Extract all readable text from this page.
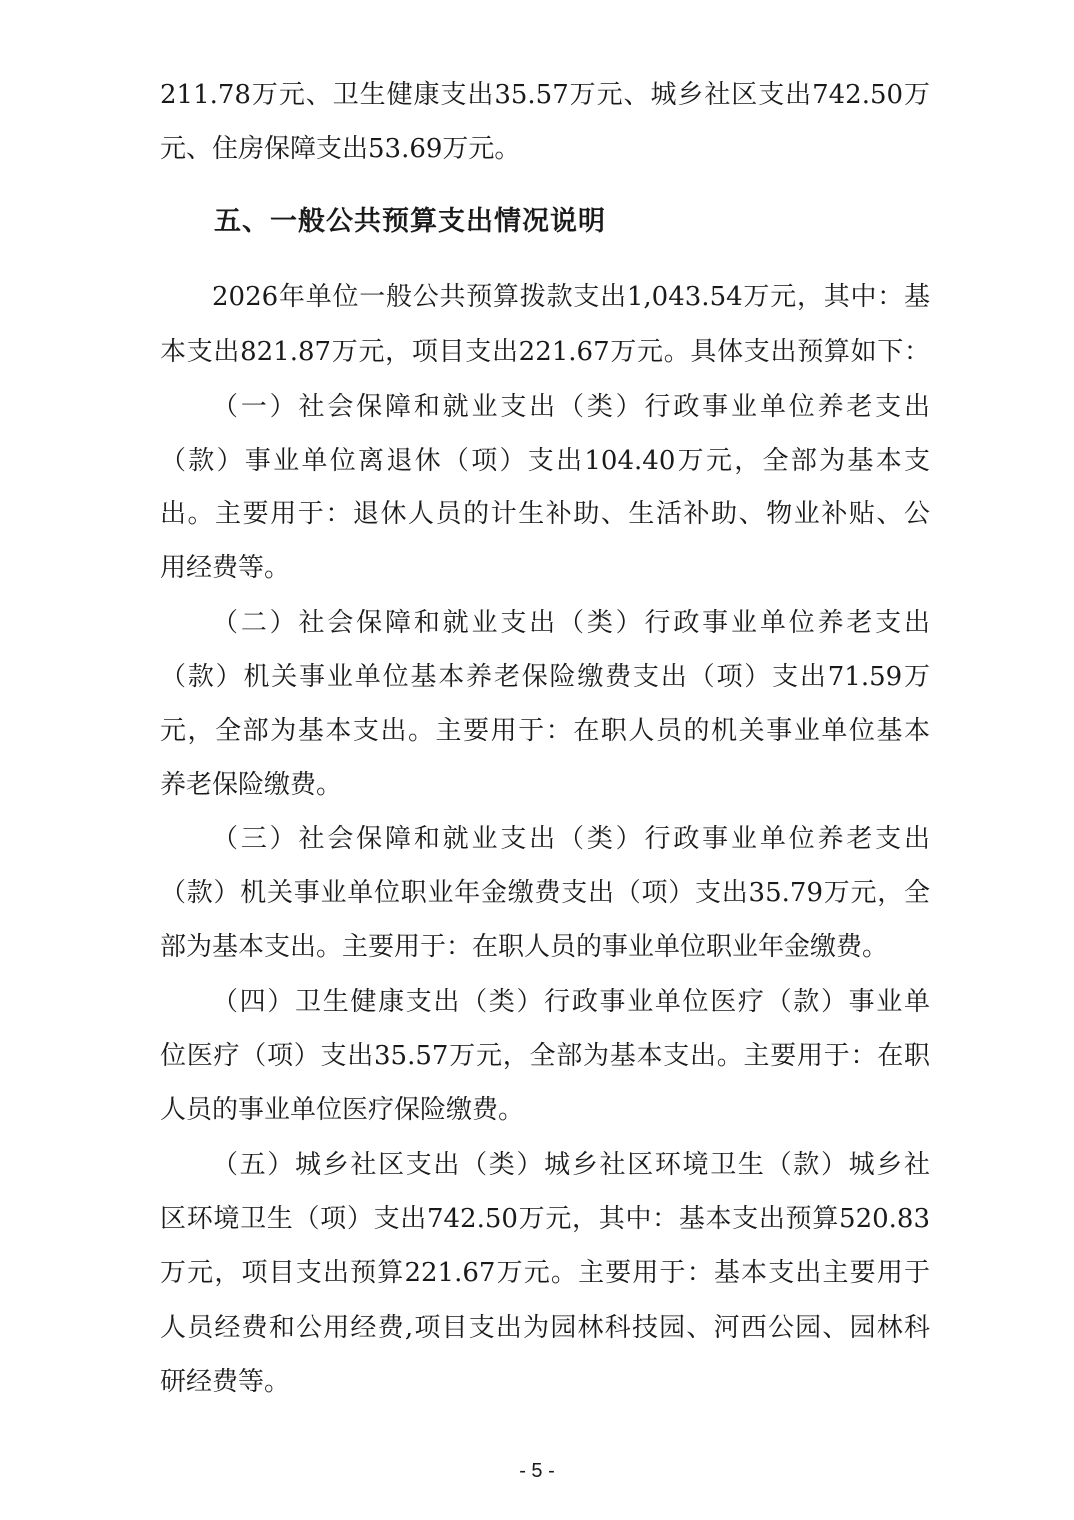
211.78万元、卫生健康支出35.57万元、城乡社区支出742.50万
元、住房保障支出53.69万元。
五、一般公共预算支出情况说明
2026年单位一般公共预算拨款支出1,043.54万元，其中：基
本支出821.87万元，项目支出221.67万元。具体支出预算如下：
（一）社会保障和就业支出（类）行政事业单位养老支出
（款）事业单位离退休（项）支出104.40万元，全部为基本支
出。主要用于：退休人员的计生补助、生活补助、物业补贴、公
用经费等。
（二）社会保障和就业支出（类）行政事业单位养老支出
（款）机关事业单位基本养老保险缴费支出（项）支出71.59万
元，全部为基本支出。主要用于：在职人员的机关事业单位基本
养老保险缴费。
（三）社会保障和就业支出（类）行政事业单位养老支出
（款）机关事业单位职业年金缴费支出（项）支出35.79万元，全
部为基本支出。主要用于：在职人员的事业单位职业年金缴费。
（四）卫生健康支出（类）行政事业单位医疗（款）事业单
位医疗（项）支出35.57万元，全部为基本支出。主要用于：在职
人员的事业单位医疗保险缴费。
（五）城乡社区支出（类）城乡社区环境卫生（款）城乡社
区环境卫生（项）支出742.50万元，其中：基本支出预算520.83
万元，项目支出预算221.67万元。主要用于：基本支出主要用于
人员经费和公用经费,项目支出为园林科技园、河西公园、园林科
研经费等。
- 5 -
